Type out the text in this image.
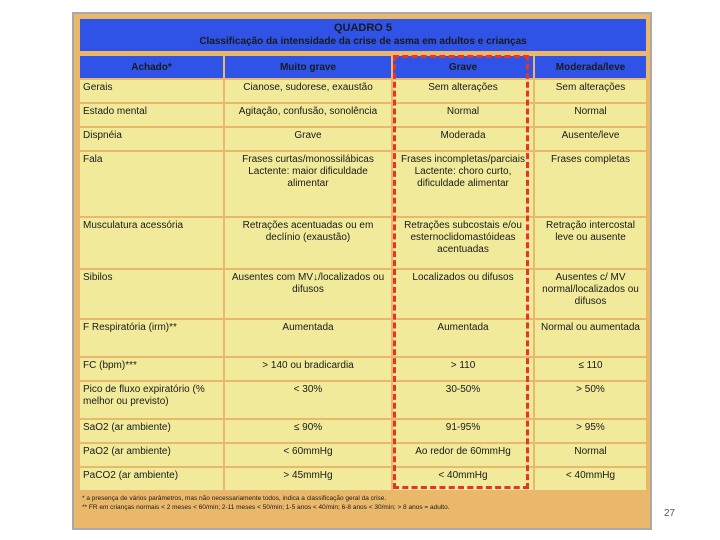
QUADRO 5
Classificação da intensidade da crise de asma em adultos e crianças
Achado*	Muito grave	Grave	Moderada/leve
Gerais	Cianose, sudorese, exaustão	Sem alterações	Sem alterações
Estado mental	Agitação, confusão, sonolência	Normal	Normal
Dispnéia	Grave	Moderada	Ausente/leve
Fala	Frases curtas/monossilábicas Lactente: maior dificuldade alimentar	Frases incompletas/parciais Lactente: choro curto, dificuldade alimentar	Frases completas
Musculatura acessória	Retrações acentuadas ou em declínio (exaustão)	Retrações subcostais e/ou esternoclidomastóideas acentuadas	Retração intercostal leve ou ausente
Sibilos	Ausentes com MV↓/localizados ou difusos	Localizados ou difusos	Ausentes c/ MV normal/localizados ou difusos
F Respiratória (irm)**	Aumentada	Aumentada	Normal ou aumentada
FC (bpm)***	> 140 ou bradicardia	> 110	≤ 110
Pico de fluxo expiratório (% melhor ou previsto)	< 30%	30-50%	> 50%
SaO2 (ar ambiente)	≤ 90%	91-95%	> 95%
PaO2 (ar ambiente)	< 60mmHg	Ao redor de 60mmHg	Normal
PaCO2 (ar ambiente)	> 45mmHg	< 40mmHg	< 40mmHg
* a presença de vários parâmetros, mas não necessariamente todos, indica a classificação geral da crise.
** FR em crianças normais < 2 meses < 60/min; 2-11 meses < 50/min; 1-5 anos < 40/min; 6-8 anos < 30/min; > 8 anos = adulto.
27
